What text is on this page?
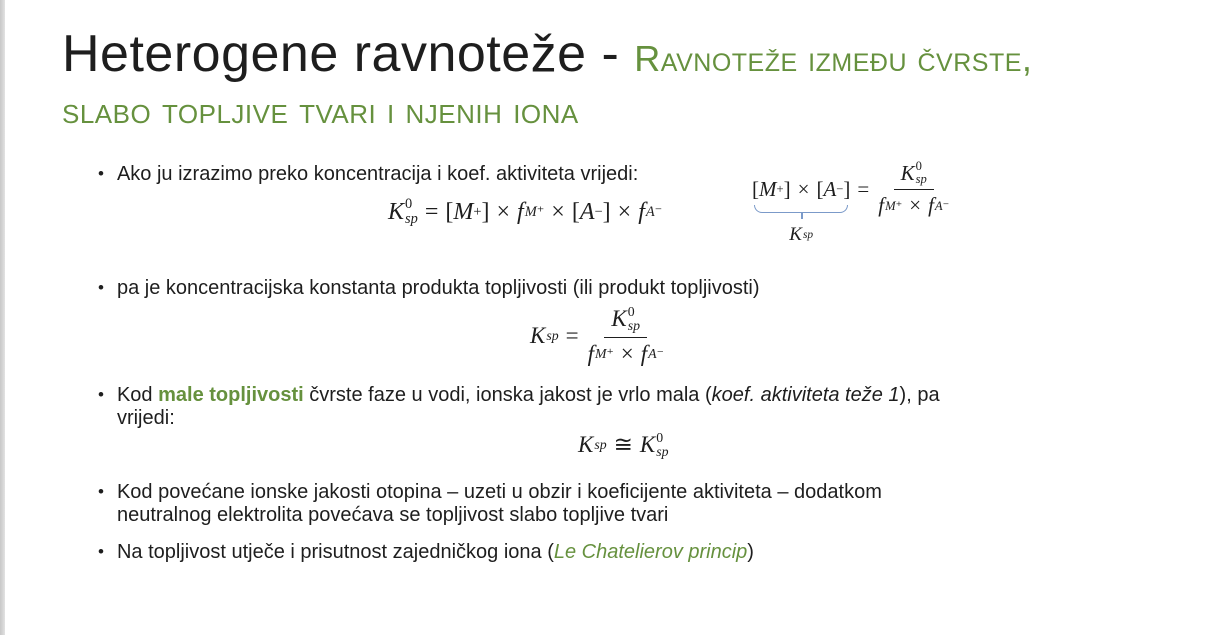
Heterogene ravnoteže - Ravnoteže između čvrste,
slabo topljive tvari i njenih iona
• Ako ju izrazimo preko koncentracija i koef. aktiviteta vrijedi:
K 0
sp = [ M + ] × f M⁺ × [ A − ] × f A⁻
[ M + ] × [ A − ]
K sp
= K 0
sp
f M⁺ × f A⁻
• pa je koncentracijska konstanta produkta topljivosti (ili produkt topljivosti)
K sp = K 0
sp
f M⁺ × f A⁻
• Kod male topljivosti čvrste faze u vodi, ionska jakost je vrlo mala (koef. aktiviteta teže 1), pa
vrijedi:
K sp ≅ K 0
sp
• Kod povećane ionske jakosti otopina – uzeti u obzir i koeficijente aktiviteta – dodatkom
neutralnog elektrolita povećava se topljivost slabo topljive tvari
• Na topljivost utječe i prisutnost zajedničkog iona (Le Chatelierov princip)
